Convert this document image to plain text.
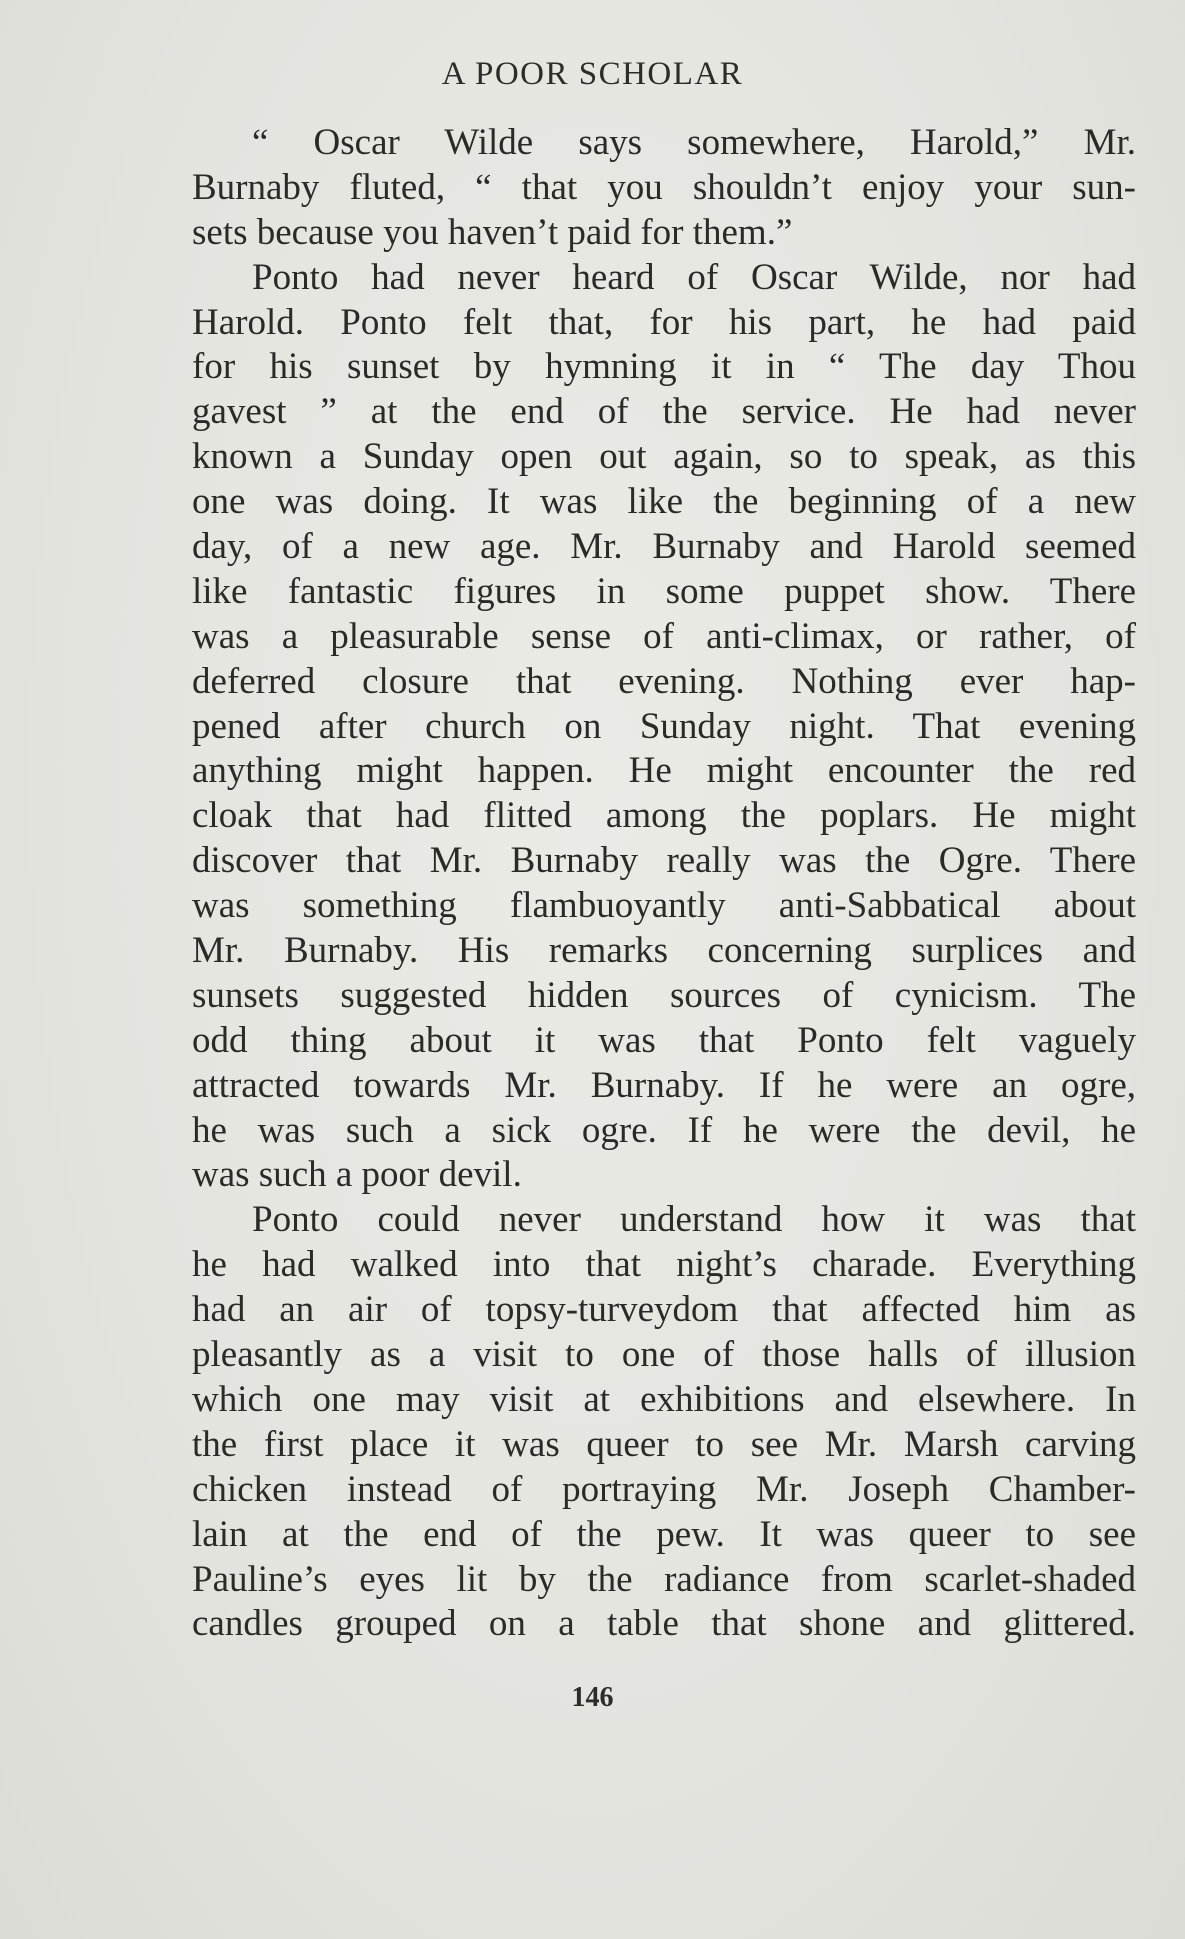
A POOR SCHOLAR
“ Oscar Wilde says somewhere, Harold,” Mr.
Burnaby fluted, “ that you shouldn’t enjoy your sun-
sets because you haven’t paid for them.”
Ponto had never heard of Oscar Wilde, nor had
Harold. Ponto felt that, for his part, he had paid
for his sunset by hymning it in “ The day Thou
gavest ” at the end of the service. He had never
known a Sunday open out again, so to speak, as this
one was doing. It was like the beginning of a new
day, of a new age. Mr. Burnaby and Harold seemed
like fantastic figures in some puppet show. There
was a pleasurable sense of anti-climax, or rather, of
deferred closure that evening. Nothing ever hap-
pened after church on Sunday night. That evening
anything might happen. He might encounter the red
cloak that had flitted among the poplars. He might
discover that Mr. Burnaby really was the Ogre. There
was something flambuoyantly anti-Sabbatical about
Mr. Burnaby. His remarks concerning surplices and
sunsets suggested hidden sources of cynicism. The
odd thing about it was that Ponto felt vaguely
attracted towards Mr. Burnaby. If he were an ogre,
he was such a sick ogre. If he were the devil, he
was such a poor devil.
Ponto could never understand how it was that
he had walked into that night’s charade. Everything
had an air of topsy-turveydom that affected him as
pleasantly as a visit to one of those halls of illusion
which one may visit at exhibitions and elsewhere. In
the first place it was queer to see Mr. Marsh carving
chicken instead of portraying Mr. Joseph Chamber-
lain at the end of the pew. It was queer to see
Pauline’s eyes lit by the radiance from scarlet-shaded
candles grouped on a table that shone and glittered.
146
